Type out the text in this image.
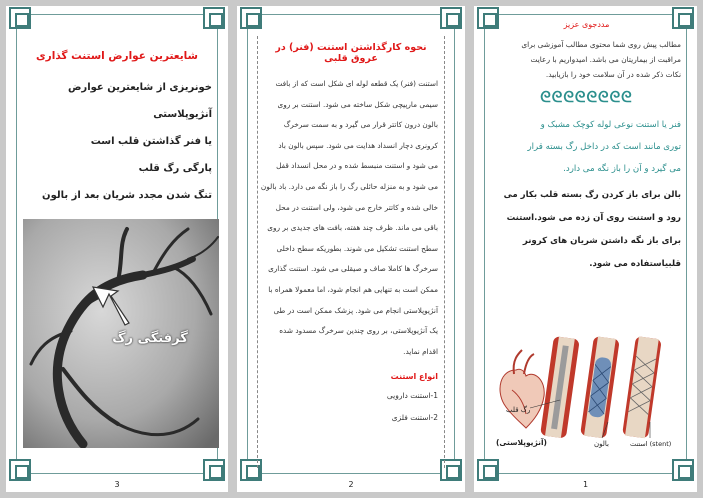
شایعترین عوارض استنت گذاری
خونریزی از شایعترین عوارض آنژیوپلاستی
یا فنر گذاشتن قلب است
پارگی رگ قلب
تنگ شدن مجدد شریان بعد از بالون
گرفتگی رگ
3
نحوه کارگذاشتن استنت (فنر) در عروق قلبی
استنت (فنر) یک قطعه لوله ای شکل است که از بافت
سیمی مارپیچی شکل ساخته می شود. استنت بر روی
بالون درون کاتتر قرار می گیرد و به سمت سرخرگ
کرونری دچار انسداد هدایت می شود. سپس بالون باد
می شود و استنت منبسط شده و در محل انسداد قفل
می شود و به منزله حائلی رگ را باز نگه می دارد. باد بالون
خالی شده و کاتتر خارج می شود، ولی استنت در محل
باقی می ماند. ظرف چند هفته، بافت های جدیدی بر روی
سطح استنت تشکیل می شوند. بطوریکه سطح داخلی
سرخرگ ها کاملا صاف و صیقلی می شود. استنت گذاری
ممکن است به تنهایی هم انجام شود، اما معمولا همراه با
آنژیوپلاستی انجام می شود. پزشک ممکن است در طی
یک آنژیوپلاستی، بر روی چندین سرخرگ مسدود شده
اقدام نماید.
انواع استنت
1-استنت دارویی
2-استنت فلزی
2
مددجوی عزیز
مطالب پیش روی شما محتوی مطالب آموزشی برای
مراقبت از بیماریتان می باشد. امیدواریم با رعایت
نکات ذکر شده در آن سلامت خود را بازیابید.
ᘓᘓᘓᘓᘓᘓᘓᘓ
فنر یا استنت نوعی لوله کوچک مشبک و
توری مانند است که در داخل رگ بسته قرار
می گیرد و آن را باز نگه می دارد.
بالن برای باز کردن رگ بسته قلب بکار می
رود و استنت روی آن زده می شود.استنت
برای باز نگه داشتن شریان های کرونر
قلبیاستفاده می شود.
رگ قلب
بالون	(stent) استنت
(آنژیوپلاستی)
1
